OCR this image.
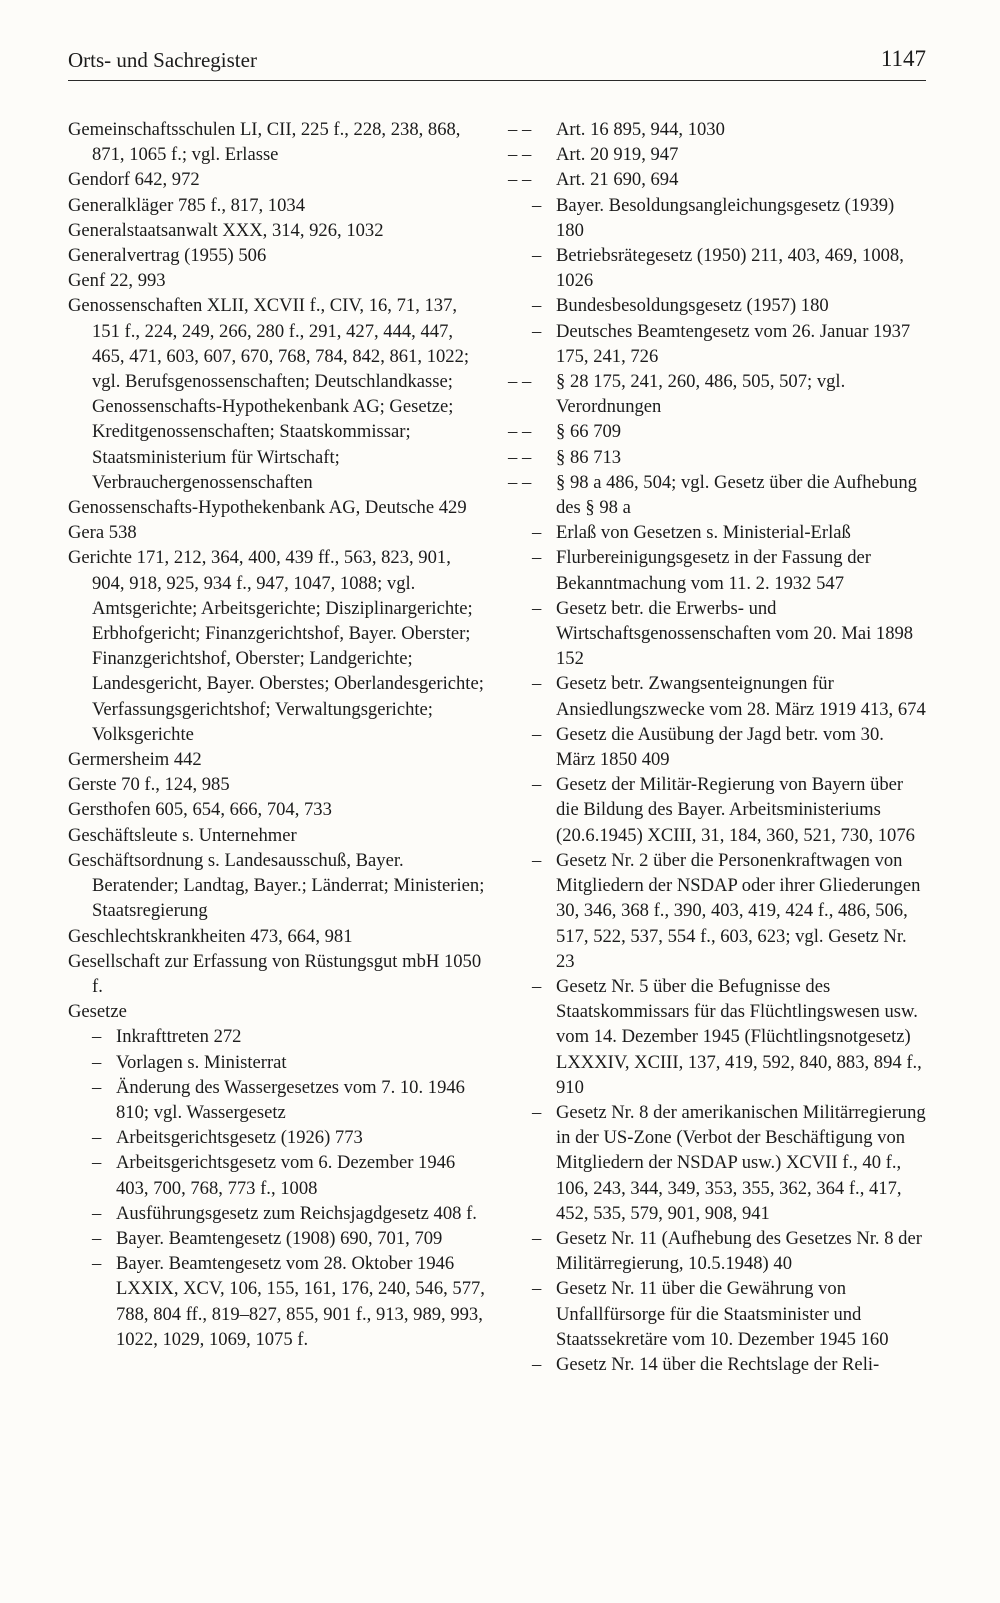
Orts- und Sachregister	1147

Gemeinschaftsschulen LI, CII, 225 f., 228, 238, 868, 871, 1065 f.; vgl. Erlasse

Gendorf 642, 972

Generalkläger 785 f., 817, 1034

Generalstaatsanwalt XXX, 314, 926, 1032

Generalvertrag (1955) 506

Genf 22, 993

Genossenschaften XLII, XCVII f., CIV, 16, 71, 137, 151 f., 224, 249, 266, 280 f., 291, 427, 444, 447, 465, 471, 603, 607, 670, 768, 784, 842, 861, 1022; vgl. Berufsgenossenschaften; Deutschlandkasse; Genossenschafts-Hypothekenbank AG; Gesetze; Kreditgenossenschaften; Staatskommissar; Staatsministerium für Wirtschaft; Verbrauchergenossenschaften

Genossenschafts-Hypothekenbank AG, Deutsche 429

Gera 538

Gerichte 171, 212, 364, 400, 439 ff., 563, 823, 901, 904, 918, 925, 934 f., 947, 1047, 1088; vgl. Amtsgerichte; Arbeitsgerichte; Disziplinargerichte; Erbhofgericht; Finanzgerichtshof, Bayer. Oberster; Finanzgerichtshof, Oberster; Landgerichte; Landesgericht, Bayer. Oberstes; Oberlandesgerichte; Verfassungsgerichtshof; Verwaltungsgerichte; Volksgerichte

Germersheim 442

Gerste 70 f., 124, 985

Gersthofen 605, 654, 666, 704, 733

Geschäftsleute s. Unternehmer

Geschäftsordnung s. Landesausschuß, Bayer. Beratender; Landtag, Bayer.; Länderrat; Ministerien; Staatsregierung

Geschlechtskrankheiten 473, 664, 981

Gesellschaft zur Erfassung von Rüstungsgut mbH 1050 f.

Gesetze

– Inkrafttreten 272

– Vorlagen s. Ministerrat

– Änderung des Wassergesetzes vom 7. 10. 1946 810; vgl. Wassergesetz

– Arbeitsgerichtsgesetz (1926) 773

– Arbeitsgerichtsgesetz vom 6. Dezember 1946 403, 700, 768, 773 f., 1008

– Ausführungsgesetz zum Reichsjagdgesetz 408 f.

– Bayer. Beamtengesetz (1908) 690, 701, 709

– Bayer. Beamtengesetz vom 28. Oktober 1946 LXXIX, XCV, 106, 155, 161, 176, 240, 546, 577, 788, 804 ff., 819–827, 855, 901 f., 913, 989, 993, 1022, 1029, 1069, 1075 f.

– – Art. 16 895, 944, 1030

– – Art. 20 919, 947

– – Art. 21 690, 694

– Bayer. Besoldungsangleichungsgesetz (1939) 180

– Betriebsrätegesetz (1950) 211, 403, 469, 1008, 1026

– Bundesbesoldungsgesetz (1957) 180

– Deutsches Beamtengesetz vom 26. Januar 1937 175, 241, 726

– – § 28 175, 241, 260, 486, 505, 507; vgl. Verordnungen

– – § 66 709

– – § 86 713

– – § 98 a 486, 504; vgl. Gesetz über die Aufhebung des § 98 a

– Erlaß von Gesetzen s. Ministerial-Erlaß

– Flurbereinigungsgesetz in der Fassung der Bekanntmachung vom 11. 2. 1932 547

– Gesetz betr. die Erwerbs- und Wirtschaftsgenossenschaften vom 20. Mai 1898 152

– Gesetz betr. Zwangsenteignungen für Ansiedlungszwecke vom 28. März 1919 413, 674

– Gesetz die Ausübung der Jagd betr. vom 30. März 1850 409

– Gesetz der Militär-Regierung von Bayern über die Bildung des Bayer. Arbeitsministeriums (20.6.1945) XCIII, 31, 184, 360, 521, 730, 1076

– Gesetz Nr. 2 über die Personenkraftwagen von Mitgliedern der NSDAP oder ihrer Gliederungen 30, 346, 368 f., 390, 403, 419, 424 f., 486, 506, 517, 522, 537, 554 f., 603, 623; vgl. Gesetz Nr. 23

– Gesetz Nr. 5 über die Befugnisse des Staatskommissars für das Flüchtlingswesen usw. vom 14. Dezember 1945 (Flüchtlingsnotgesetz) LXXXIV, XCIII, 137, 419, 592, 840, 883, 894 f., 910

– Gesetz Nr. 8 der amerikanischen Militärregierung in der US-Zone (Verbot der Beschäftigung von Mitgliedern der NSDAP usw.) XCVII f., 40 f., 106, 243, 344, 349, 353, 355, 362, 364 f., 417, 452, 535, 579, 901, 908, 941

– Gesetz Nr. 11 (Aufhebung des Gesetzes Nr. 8 der Militärregierung, 10.5.1948) 40

– Gesetz Nr. 11 über die Gewährung von Unfallfürsorge für die Staatsminister und Staatssekretäre vom 10. Dezember 1945 160

– Gesetz Nr. 14 über die Rechtslage der Reli-
